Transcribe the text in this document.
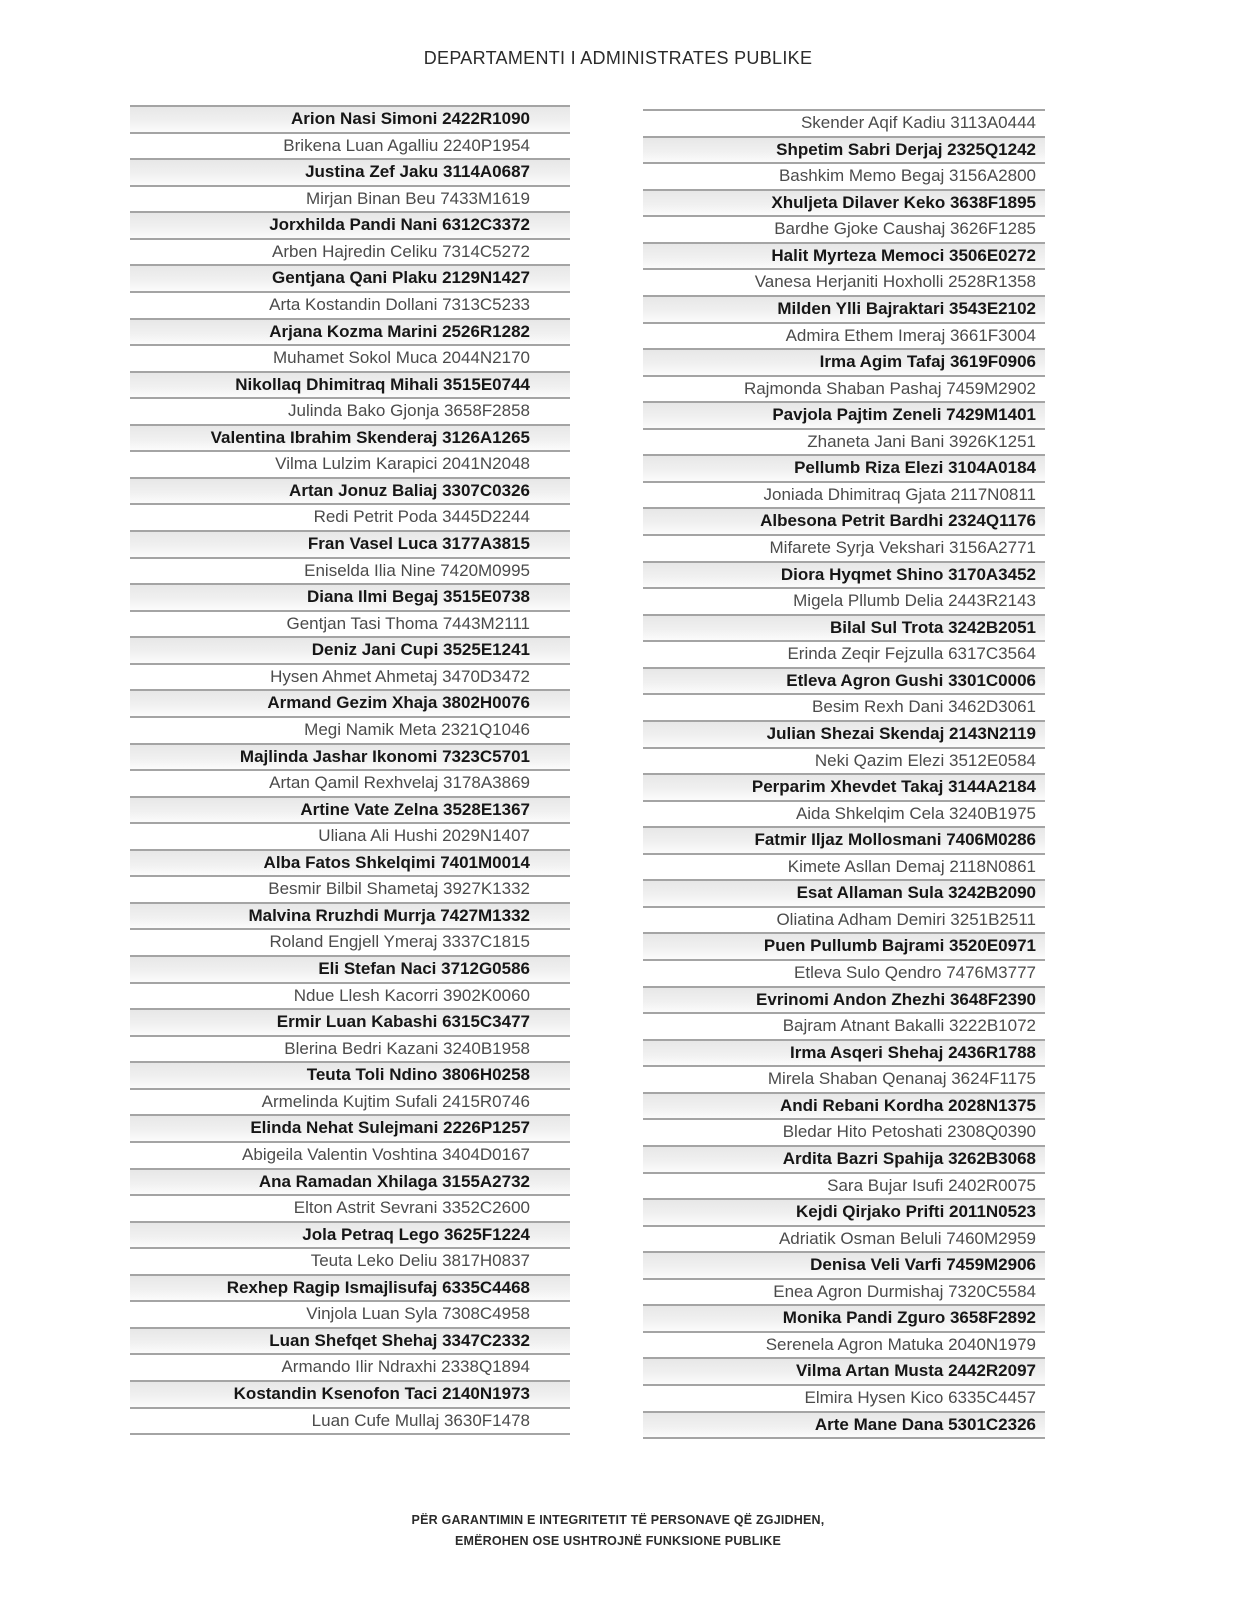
DEPARTAMENTI I ADMINISTRATES PUBLIKE
Arion Nasi Simoni 2422R1090
Brikena Luan Agalliu 2240P1954
Justina Zef Jaku 3114A0687
Mirjan Binan Beu 7433M1619
Jorxhilda Pandi Nani 6312C3372
Arben Hajredin Celiku 7314C5272
Gentjana Qani Plaku 2129N1427
Arta Kostandin Dollani 7313C5233
Arjana Kozma Marini 2526R1282
Muhamet Sokol Muca 2044N2170
Nikollaq Dhimitraq Mihali 3515E0744
Julinda Bako Gjonja 3658F2858
Valentina Ibrahim Skenderaj 3126A1265
Vilma Lulzim Karapici 2041N2048
Artan Jonuz Baliaj 3307C0326
Redi Petrit Poda 3445D2244
Fran Vasel Luca 3177A3815
Eniselda Ilia Nine 7420M0995
Diana Ilmi Begaj 3515E0738
Gentjan Tasi Thoma 7443M2111
Deniz Jani Cupi 3525E1241
Hysen Ahmet Ahmetaj 3470D3472
Armand Gezim Xhaja 3802H0076
Megi Namik Meta 2321Q1046
Majlinda Jashar Ikonomi 7323C5701
Artan Qamil Rexhvelaj 3178A3869
Artine Vate Zelna 3528E1367
Uliana Ali Hushi 2029N1407
Alba Fatos Shkelqimi 7401M0014
Besmir Bilbil Shametaj 3927K1332
Malvina Rruzhdi Murrja 7427M1332
Roland Engjell Ymeraj 3337C1815
Eli Stefan Naci 3712G0586
Ndue Llesh Kacorri 3902K0060
Ermir Luan Kabashi 6315C3477
Blerina Bedri Kazani 3240B1958
Teuta Toli Ndino 3806H0258
Armelinda Kujtim Sufali 2415R0746
Elinda Nehat Sulejmani 2226P1257
Abigeila Valentin Voshtina 3404D0167
Ana Ramadan Xhilaga 3155A2732
Elton Astrit Sevrani 3352C2600
Jola Petraq Lego 3625F1224
Teuta Leko Deliu 3817H0837
Rexhep Ragip Ismajlisufaj 6335C4468
Vinjola Luan Syla 7308C4958
Luan Shefqet Shehaj 3347C2332
Armando Ilir Ndraxhi 2338Q1894
Kostandin Ksenofon Taci 2140N1973
Luan Cufe Mullaj 3630F1478
Skender Aqif Kadiu 3113A0444
Shpetim Sabri Derjaj 2325Q1242
Bashkim Memo Begaj 3156A2800
Xhuljeta Dilaver Keko 3638F1895
Bardhe Gjoke Caushaj 3626F1285
Halit Myrteza Memoci 3506E0272
Vanesa Herjaniti Hoxholli 2528R1358
Milden Ylli Bajraktari 3543E2102
Admira Ethem Imeraj 3661F3004
Irma Agim Tafaj 3619F0906
Rajmonda Shaban Pashaj 7459M2902
Pavjola Pajtim Zeneli 7429M1401
Zhaneta Jani Bani 3926K1251
Pellumb Riza Elezi 3104A0184
Joniada Dhimitraq Gjata 2117N0811
Albesona Petrit Bardhi 2324Q1176
Mifarete Syrja Vekshari 3156A2771
Diora Hyqmet Shino 3170A3452
Migela Pllumb Delia 2443R2143
Bilal Sul Trota 3242B2051
Erinda Zeqir Fejzulla 6317C3564
Etleva Agron Gushi 3301C0006
Besim Rexh Dani 3462D3061
Julian Shezai Skendaj 2143N2119
Neki Qazim Elezi 3512E0584
Perparim Xhevdet Takaj 3144A2184
Aida Shkelqim Cela 3240B1975
Fatmir Iljaz Mollosmani 7406M0286
Kimete Asllan Demaj 2118N0861
Esat Allaman Sula 3242B2090
Oliatina Adham Demiri 3251B2511
Puen Pullumb Bajrami 3520E0971
Etleva Sulo Qendro 7476M3777
Evrinomi Andon Zhezhi 3648F2390
Bajram Atnant Bakalli 3222B1072
Irma Asqeri Shehaj 2436R1788
Mirela Shaban Qenanaj 3624F1175
Andi Rebani Kordha 2028N1375
Bledar Hito Petoshati 2308Q0390
Ardita Bazri Spahija 3262B3068
Sara Bujar Isufi 2402R0075
Kejdi Qirjako Prifti 2011N0523
Adriatik Osman Beluli 7460M2959
Denisa Veli Varfi 7459M2906
Enea Agron Durmishaj 7320C5584
Monika Pandi Zguro 3658F2892
Serenela Agron Matuka 2040N1979
Vilma Artan Musta 2442R2097
Elmira Hysen Kico 6335C4457
Arte Mane Dana 5301C2326
PËR GARANTIMIN E INTEGRITETIT TË PERSONAVE QË ZGJIDHEN,
EMËROHEN OSE USHTROJNË FUNKSIONE PUBLIKE
